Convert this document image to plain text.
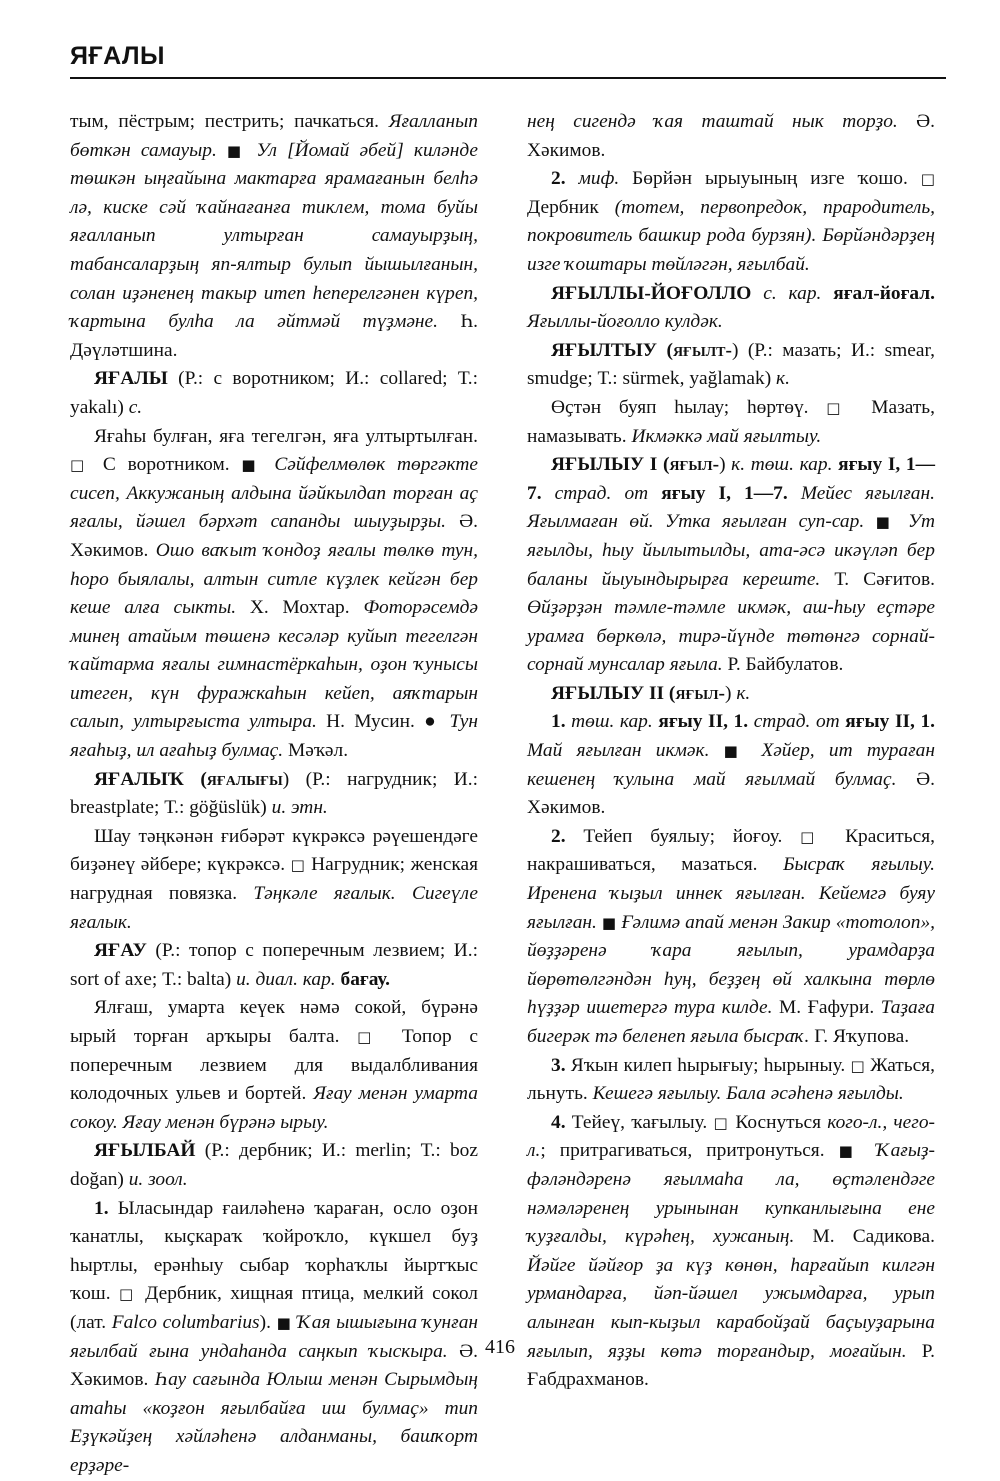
ЯҒАЛЫ

тым, пёстрым; пестрить; пачкаться. Яғалланып бөткән самауыр. ■ Ул [Йомай әбей] киләнде төшкән ыңғайына мактарға ярамағанын белһә лә, киске сәй ҡайнағанға тиклем, тома буйы яғалланып ултырған самауырҙың, табансаларҙың яп-ялтыр булып йышылғанын, солан иҙәненең такыр итеп һеперелгәнен күреп, ҡартына булһа ла әйтмәй түҙмәне. Һ. Дәүләтшина.

ЯҒАЛЫ (Р.: с воротником; И.: collared; Т.: yakalı) с.

Яғаһы булған, яға тегелгән, яға ултыртылған. □ С воротником. ■ Сәйфелмөлөк төргәкте сисеп, Аккужаның алдына йәйкылдап торған аҫ яғалы, йәшел бәрхәт сапанды шыуҙырҙы. Ә. Хәкимов. Ошо ваҡыт ҡондоҙ яғалы төлкө тун, һоро быялалы, алтын ситле күҙлек кейгән бер кеше алға сыкты. Х. Мохтар. Фоторәсемдә минең атайым төшенә кесәләр куйып тегелгән ҡайтарма яғалы гимнастёркаһын, оҙон ҡунысы итеген, күн фуражкаһын кейеп, аяҡтарын салып, ултырғыста ултыра. Н. Мусин. ● Тун яғаһыҙ, ил ағаһыҙ булмаҫ. Мәҡәл.

ЯҒАЛЫҠ (яғалығы) (Р.: нагрудник; И.: breastplate; Т.: göğüslük) и. этн.

Шау тәңкәнән ғибәрәт күкрәксә рәүешендәге биҙәнеү әйбере; күкрәксә. □ Нагрудник; женская нагрудная повязка. Тәңкәле яғалык. Сигеүле яғалык.

ЯҒАУ (Р.: топор с поперечным лезвием; И.: sort of axe; Т.: balta) и. диал. кар. бағау.

Ялғаш, умарта кеүек нәмә сокой, бүрәнә ырый торған арҡыры балта. □ Топор с поперечным лезвием для выдалбливания колодочных ульев и бортей. Яғау менән умарта сокоу. Яғау менән бүрәнә ырыу.

ЯҒЫЛБАЙ (Р.: дербник; И.: merlin; Т.: boz doğan) и. зоол.

1. Ыласындар ғаиләһенә ҡараған, осло оҙон ҡанатлы, кыҫкараҡ ҡойроҡло, күкшел буҙ һыртлы, ерәнһыу сыбар ҡорһаҡлы йыртҡыс ҡош. □ Дербник, хищная птица, мелкий сокол (лат. Falco columbarius). ■ Ҡая ышығына ҡунған яғылбай ғына ундаһанда саңкып ҡыскыра. Ә. Хәкимов. Һау сағында Юлыш менән Сырымдың атаһы «коҙғон яғылбайға иш булмаҫ» тип Еҙүкәйҙең хәйләһенә алданманы, башҡорт ерҙәре-

нең сигендә ҡая таштай нык торҙо. Ә. Хәкимов.

2. миф. Бөрйән ырыуының изге ҡошо. □ Дербник (тотем, первопредок, прародитель, покровитель башкир рода бурзян). Бөрйәндәрҙең изге ҡоштары төйләгән, яғылбай.

ЯҒЫЛЛЫ-ЙОҒОЛЛО с. кар. яғал-йоғал. Яғыллы-йоғолло кулдәк.

ЯҒЫЛТЫУ (яғылт-) (Р.: мазать; И.: smear, smudge; Т.: sürmek, yağlamak) к.

Өҫтән буяп һылау; һөртөү. □ Мазать, намазывать. Икмәккә май яғылтыу.

ЯҒЫЛЫУ I (яғыл-) к. төш. кар. яғыу I, 1—7. страд. от яғыу I, 1—7. Мейес яғылған. Яғылмаған өй. Утка яғылған суп-сар. ■ Ут яғылды, һыу йылытылды, ата-әсә икәүләп бер баланы йыуындырырға кереште. Т. Сәғитов. Өйҙәрҙән тәмле-тәмле икмәк, аш-һыу еҫтәре урамға бөркөлә, тирә-йүнде төтөнгә сорнай-сорнай мунсалар яғыла. Р. Байбулатов.

ЯҒЫЛЫУ II (яғыл-) к.

1. төш. кар. яғыу II, 1. страд. от яғыу II, 1. Май яғылған икмәк. ■ Хәйер, ит тураған кешенең ҡулына май яғылмай булмаҫ. Ә. Хәкимов.

2. Тейеп буялыу; йоғоу. □ Краситься, накрашиваться, мазаться. Бысраҡ яғылыу. Иренена ҡыҙыл иннек яғылған. Кейемгә буяу яғылған. ■ Ғәлимә апай менән Закир «тотолоп», йөҙҙәренә ҡара яғылып, урамдарҙа йөрөтөлгәндән һуң, беҙҙең өй халкына төрлө һүҙҙәр ишетергә тура килде. М. Ғафури. Таҙаға бигерәк тә беленеп яғыла бысраҡ. Г. Яҡупова.

3. Яҡын килеп һырығыу; һырыныу. □ Жаться, льнуть. Кешегә яғылыу. Бала әсәһенә яғылды.

4. Тейеү, ҡағылыу. □ Коснуться кого-л., чего-л.; притрагиваться, притронуться. ■ Ҡағыҙ-фәләндәренә яғылмаһа ла, өҫтәлендәге нәмәләренең урынынан купканлығына ене ҡуҙғалды, күрәһең, хужаның. М. Садикова. Йәйге йәйғор ҙа күҙ көнөн, һарғайып килгән урмандарға, йәп-йәшел ужымдарға, урып алынған кып-кыҙыл карабойҙай баҫыуҙарына яғылып, яҙҙы көтә торғандыр, моғайын. Р. Ғабдрахманов.

416
